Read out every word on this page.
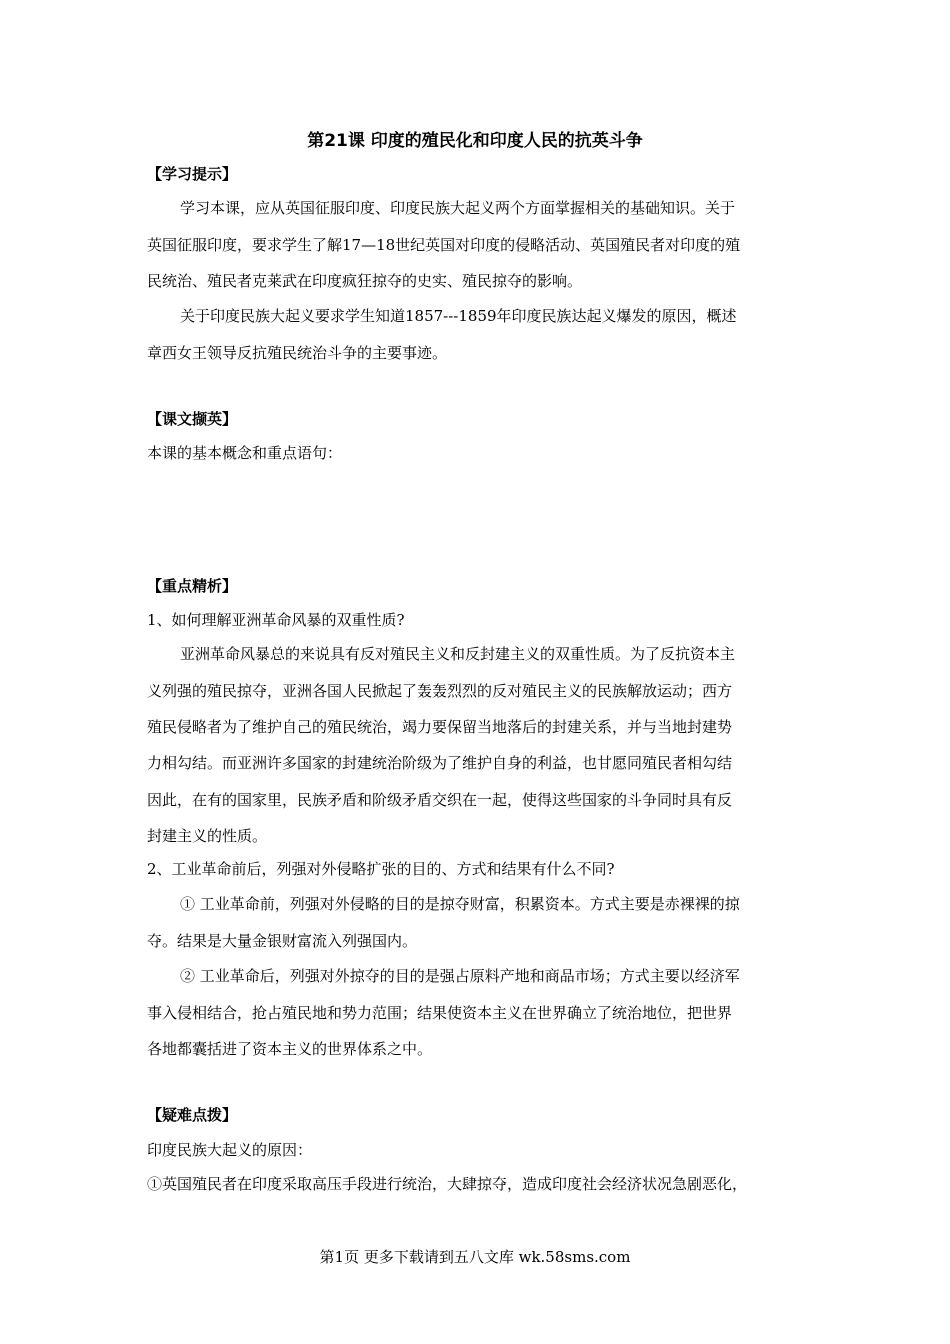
第21课 印度的殖民化和印度人民的抗英斗争
【学习提示】
学习本课，应从英国征服印度、印度民族大起义两个方面掌握相关的基础知识。关于
英国征服印度，要求学生了解17—18世纪英国对印度的侵略活动、英国殖民者对印度的殖
民统治、殖民者克莱武在印度疯狂掠夺的史实、殖民掠夺的影响。
关于印度民族大起义要求学生知道1857---1859年印度民族达起义爆发的原因，概述
章西女王领导反抗殖民统治斗争的主要事迹。
【课文撷英】
本课的基本概念和重点语句：
【重点精析】
1、如何理解亚洲革命风暴的双重性质?
亚洲革命风暴总的来说具有反对殖民主义和反封建主义的双重性质。为了反抗资本主
义列强的殖民掠夺，亚洲各国人民掀起了轰轰烈烈的反对殖民主义的民族解放运动；西方
殖民侵略者为了维护自己的殖民统治，竭力要保留当地落后的封建关系，并与当地封建势
力相勾结。而亚洲许多国家的封建统治阶级为了维护自身的利益，也甘愿同殖民者相勾结
因此，在有的国家里，民族矛盾和阶级矛盾交织在一起，使得这些国家的斗争同时具有反
封建主义的性质。
2、工业革命前后，列强对外侵略扩张的目的、方式和结果有什么不同?
① 工业革命前，列强对外侵略的目的是掠夺财富，积累资本。方式主要是赤裸裸的掠
夺。结果是大量金银财富流入列强国内。
② 工业革命后，列强对外掠夺的目的是强占原料产地和商品市场；方式主要以经济军
事入侵相结合，抢占殖民地和势力范围；结果使资本主义在世界确立了统治地位，把世界
各地都囊括进了资本主义的世界体系之中。
【疑难点拨】
印度民族大起义的原因：
①英国殖民者在印度采取高压手段进行统治，大肆掠夺，造成印度社会经济状况急剧恶化，
第1页 更多下载请到五八文库 wk.58sms.com
